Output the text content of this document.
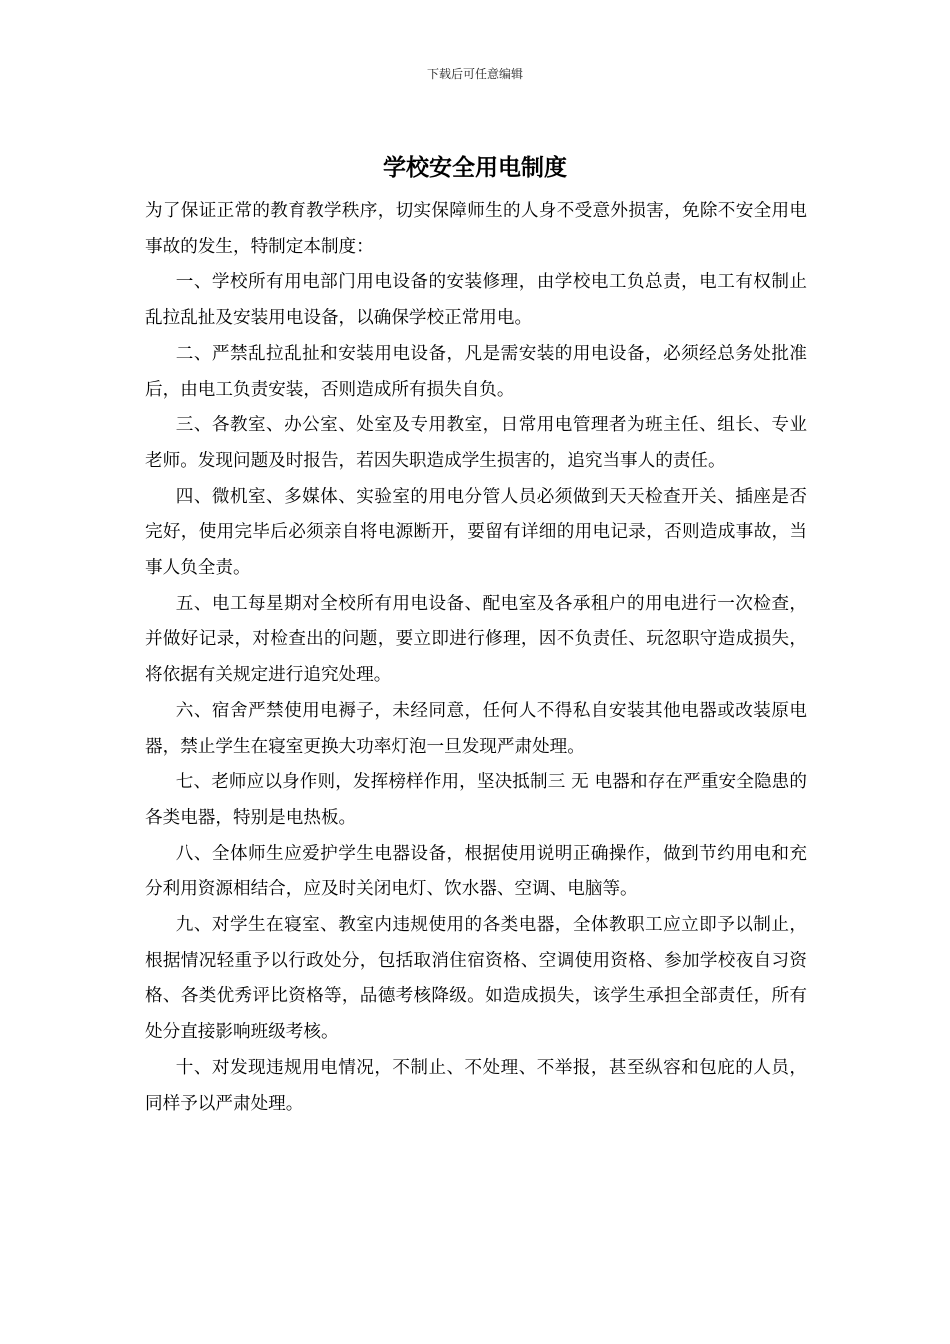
下载后可任意编辑
学校安全用电制度

为了保证正常的教育教学秩序，切实保障师生的人身不受意外损害，免除不安全用电事故的发生，特制定本制度：

一、学校所有用电部门用电设备的安装修理，由学校电工负总责，电工有权制止乱拉乱扯及安装用电设备，以确保学校正常用电。

二、严禁乱拉乱扯和安装用电设备，凡是需安装的用电设备，必须经总务处批准后，由电工负责安装，否则造成所有损失自负。

三、各教室、办公室、处室及专用教室，日常用电管理者为班主任、组长、专业老师。发现问题及时报告，若因失职造成学生损害的，追究当事人的责任。

四、微机室、多媒体、实验室的用电分管人员必须做到天天检查开关、插座是否完好，使用完毕后必须亲自将电源断开，要留有详细的用电记录，否则造成事故，当事人负全责。

五、电工每星期对全校所有用电设备、配电室及各承租户的用电进行一次检查，并做好记录，对检查出的问题，要立即进行修理，因不负责任、玩忽职守造成损失，将依据有关规定进行追究处理。

六、宿舍严禁使用电褥子，未经同意，任何人不得私自安装其他电器或改装原电器，禁止学生在寝室更换大功率灯泡一旦发现严肃处理。

七、老师应以身作则，发挥榜样作用，坚决抵制三 无 电器和存在严重安全隐患的各类电器，特别是电热板。

八、全体师生应爱护学生电器设备，根据使用说明正确操作，做到节约用电和充分利用资源相结合，应及时关闭电灯、饮水器、空调、电脑等。

九、对学生在寝室、教室内违规使用的各类电器，全体教职工应立即予以制止，根据情况轻重予以行政处分，包括取消住宿资格、空调使用资格、参加学校夜自习资格、各类优秀评比资格等，品德考核降级。如造成损失，该学生承担全部责任，所有处分直接影响班级考核。

十、对发现违规用电情况，不制止、不处理、不举报，甚至纵容和包庇的人员，同样予以严肃处理。
